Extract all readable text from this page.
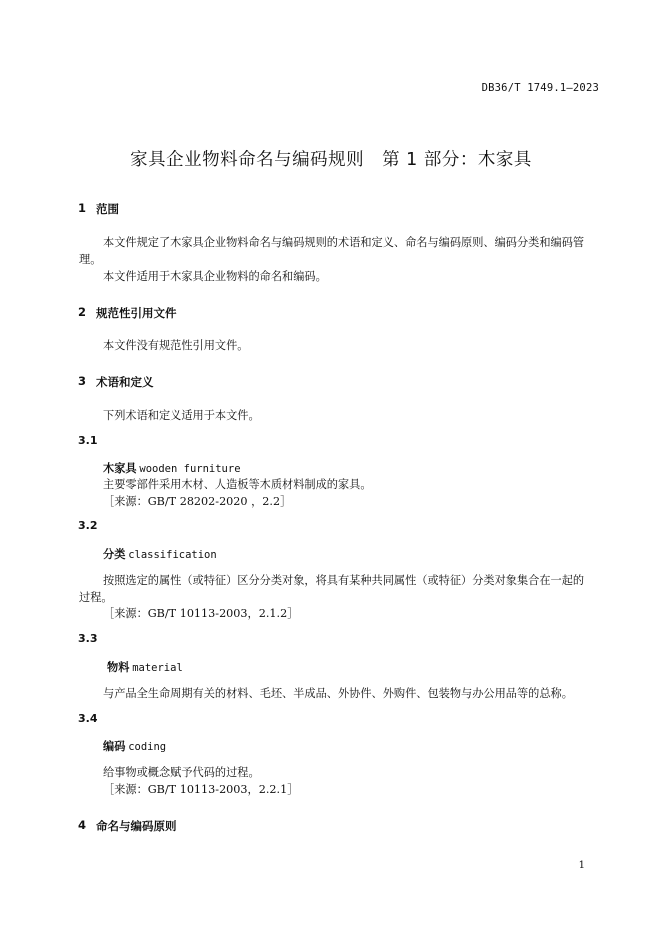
DB36/T 1749.1—2023
家具企业物料命名与编码规则　第 1 部分：木家具
1 范围
本文件规定了木家具企业物料命名与编码规则的术语和定义、命名与编码原则、编码分类和编码管
理。
本文件适用于木家具企业物料的命名和编码。
2 规范性引用文件
本文件没有规范性引用文件。
3 术语和定义
下列术语和定义适用于本文件。
3.1
木家具 wooden furniture
主要零部件采用木材、人造板等木质材料制成的家具。
［来源：GB/T 28202-2020 ，2.2］
3.2
分类 classification
按照选定的属性（或特征）区分分类对象，将具有某种共同属性（或特征）分类对象集合在一起的
过程。
［来源：GB/T 10113-2003，2.1.2］
3.3
物料 material
与产品全生命周期有关的材料、毛坯、半成品、外协件、外购件、包装物与办公用品等的总称。
3.4
编码 coding
给事物或概念赋予代码的过程。
［来源：GB/T 10113-2003，2.2.1］
4 命名与编码原则
1
